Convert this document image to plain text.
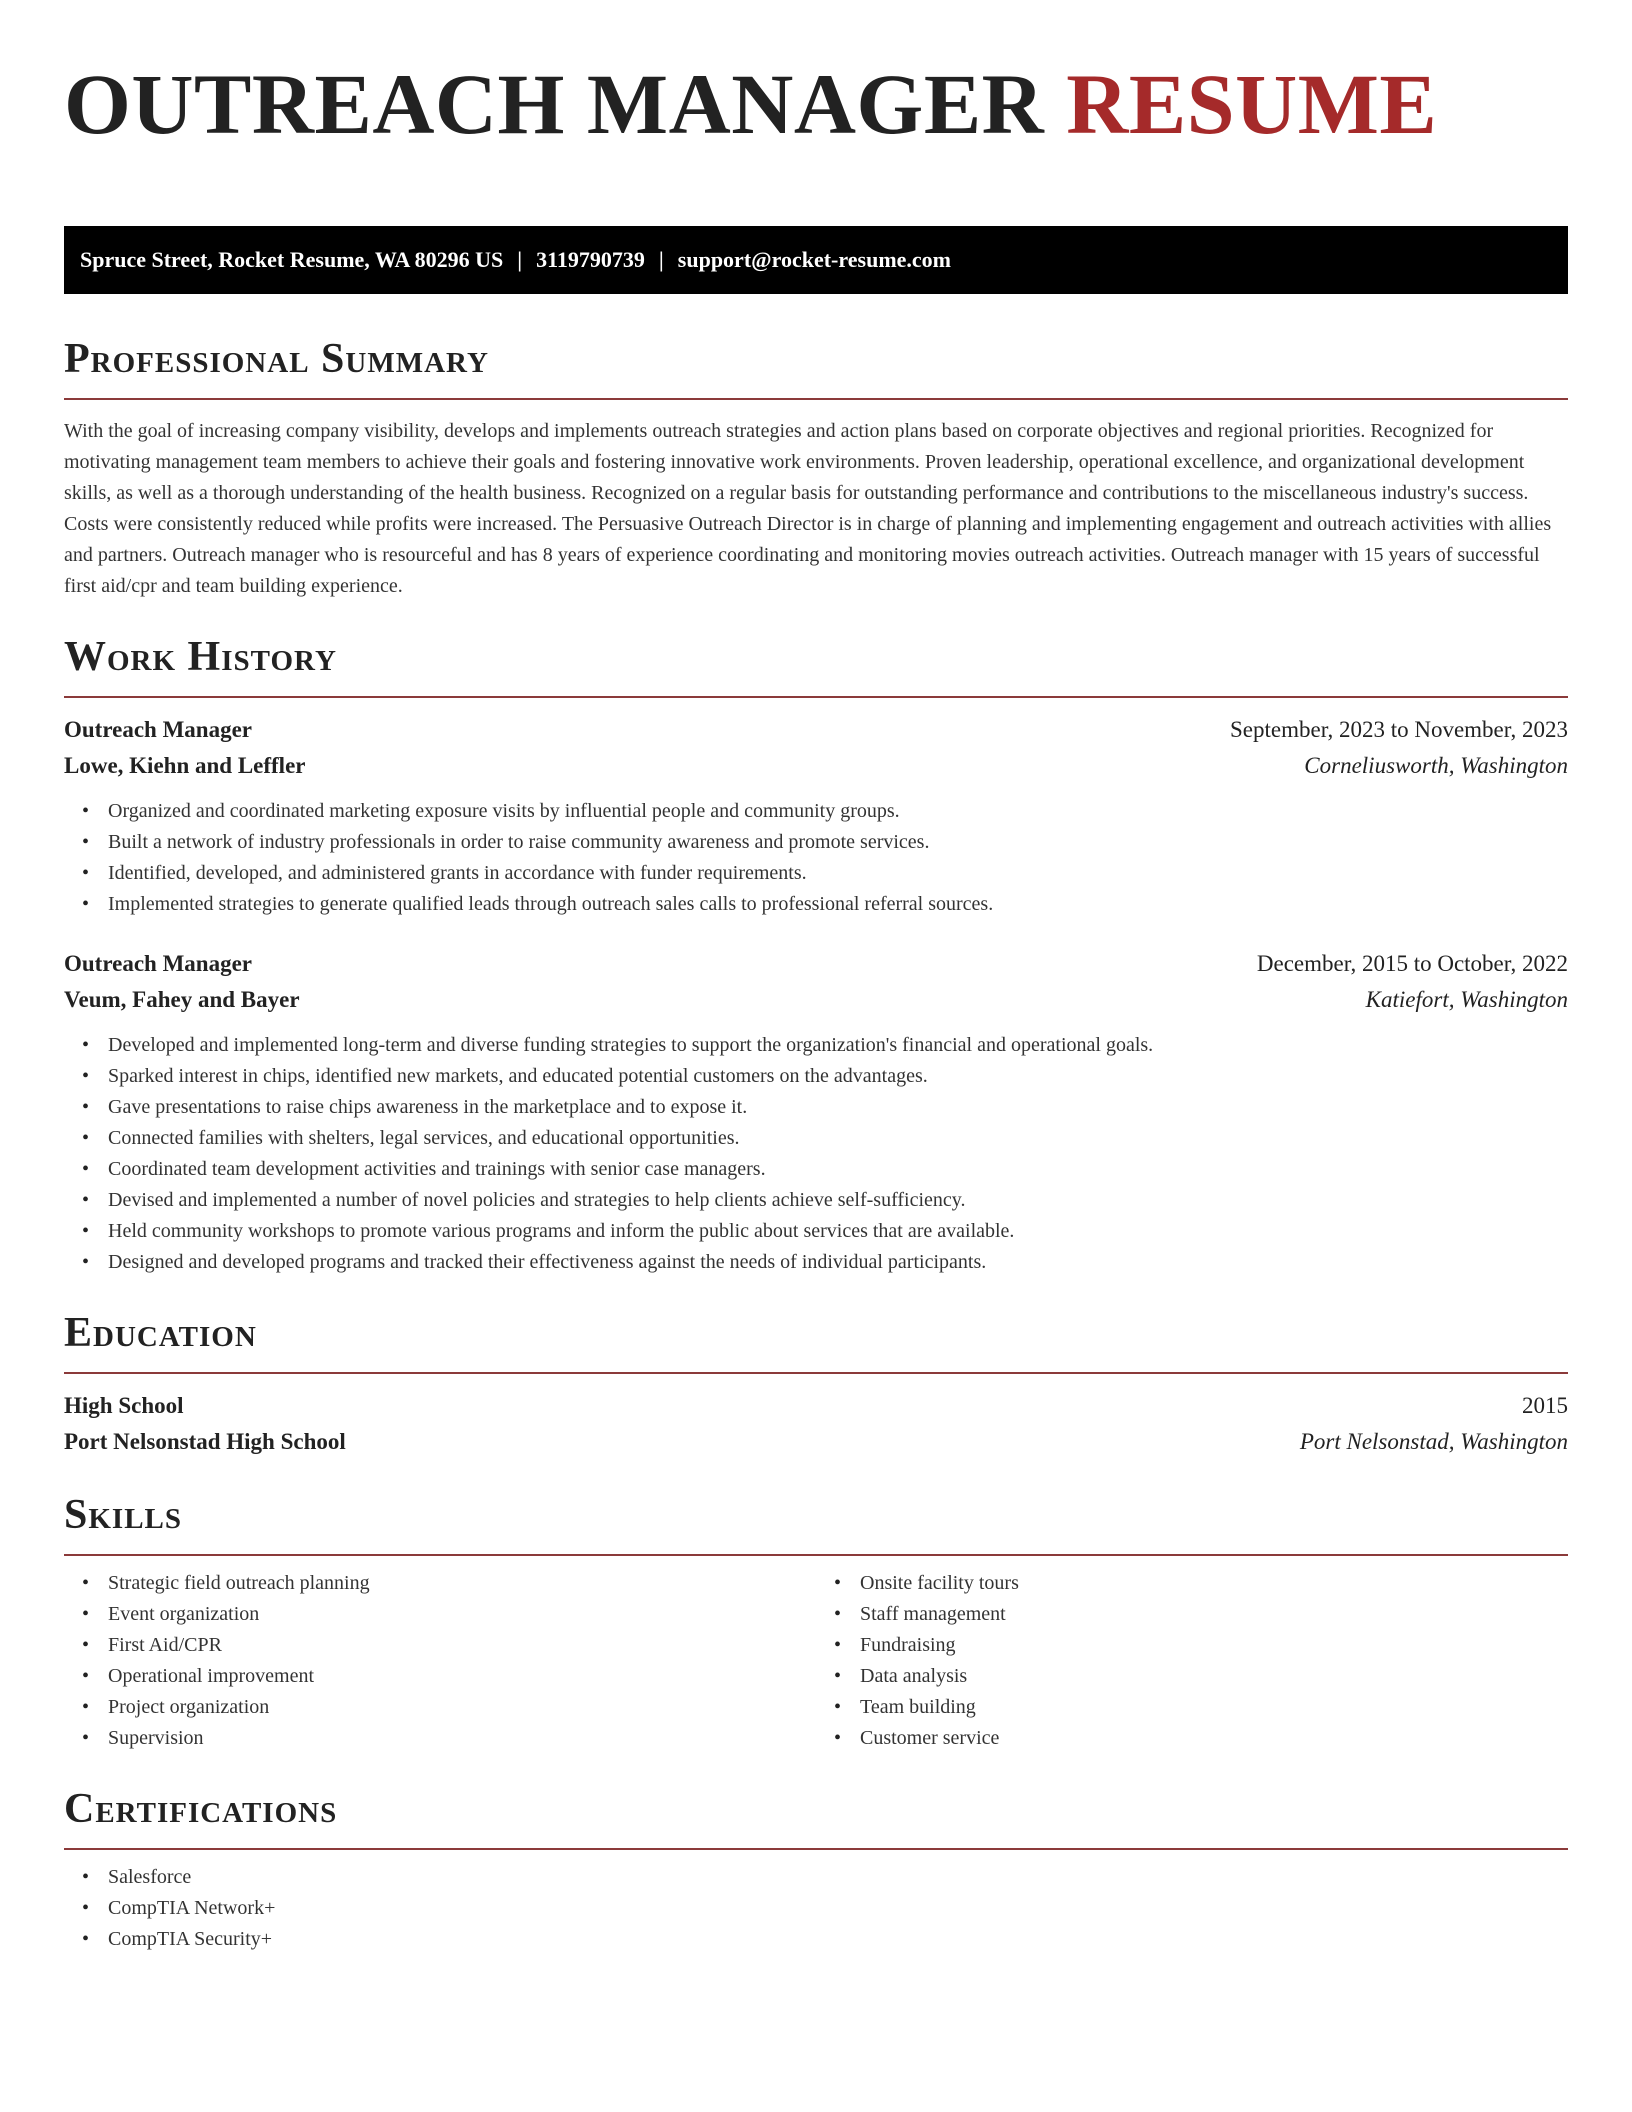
OUTREACH MANAGER RESUME
Spruce Street, Rocket Resume, WA 80296 US | 3119790739 | support@rocket-resume.com
Professional Summary

With the goal of increasing company visibility, develops and implements outreach strategies and action plans based on corporate objectives and regional priorities. Recognized for motivating management team members to achieve their goals and fostering innovative work environments. Proven leadership, operational excellence, and organizational development skills, as well as a thorough understanding of the health business. Recognized on a regular basis for outstanding performance and contributions to the miscellaneous industry's success. Costs were consistently reduced while profits were increased. The Persuasive Outreach Director is in charge of planning and implementing engagement and outreach activities with allies and partners. Outreach manager who is resourceful and has 8 years of experience coordinating and monitoring movies outreach activities. Outreach manager with 15 years of successful first aid/cpr and team building experience.

Work History
Outreach Manager	September, 2023 to November, 2023
Lowe, Kiehn and Leffler	Corneliusworth, Washington
• Organized and coordinated marketing exposure visits by influential people and community groups.
• Built a network of industry professionals in order to raise community awareness and promote services.
• Identified, developed, and administered grants in accordance with funder requirements.
• Implemented strategies to generate qualified leads through outreach sales calls to professional referral sources.
Outreach Manager	December, 2015 to October, 2022
Veum, Fahey and Bayer	Katiefort, Washington
• Developed and implemented long-term and diverse funding strategies to support the organization's financial and operational goals.
• Sparked interest in chips, identified new markets, and educated potential customers on the advantages.
• Gave presentations to raise chips awareness in the marketplace and to expose it.
• Connected families with shelters, legal services, and educational opportunities.
• Coordinated team development activities and trainings with senior case managers.
• Devised and implemented a number of novel policies and strategies to help clients achieve self-sufficiency.
• Held community workshops to promote various programs and inform the public about services that are available.
• Designed and developed programs and tracked their effectiveness against the needs of individual participants.
Education
High School	2015
Port Nelsonstad High School	Port Nelsonstad, Washington
Skills
• Strategic field outreach planning
• Event organization
• First Aid/CPR
• Operational improvement
• Project organization
• Supervision
• Onsite facility tours
• Staff management
• Fundraising
• Data analysis
• Team building
• Customer service
Certifications
• Salesforce
• CompTIA Network+
• CompTIA Security+
